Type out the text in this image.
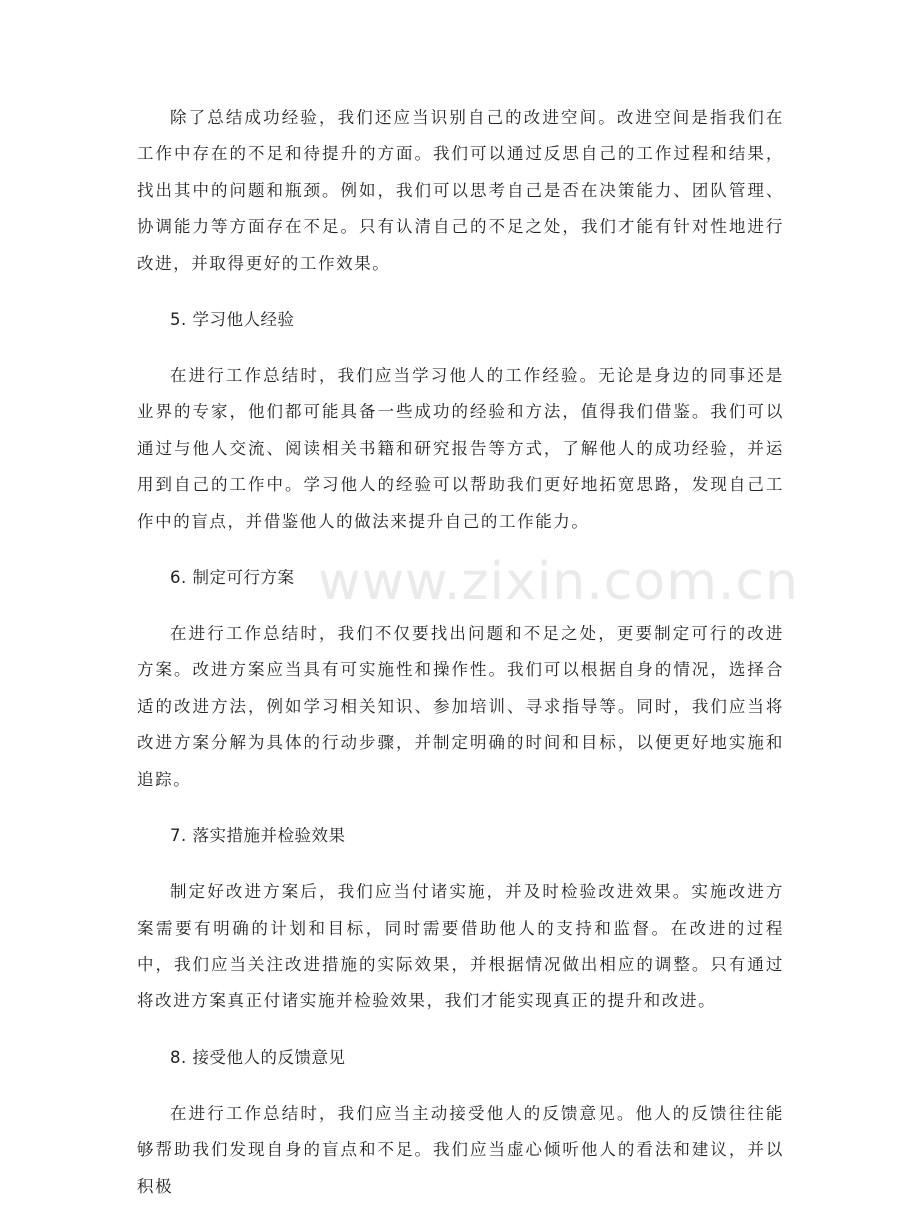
www.zixin.com.cn

除了总结成功经验，我们还应当识别自己的改进空间。改进空间是指我们在工作中存在的不足和待提升的方面。我们可以通过反思自己的工作过程和结果，找出其中的问题和瓶颈。例如，我们可以思考自己是否在决策能力、团队管理、协调能力等方面存在不足。只有认清自己的不足之处，我们才能有针对性地进行改进，并取得更好的工作效果。

5. 学习他人经验

在进行工作总结时，我们应当学习他人的工作经验。无论是身边的同事还是业界的专家，他们都可能具备一些成功的经验和方法，值得我们借鉴。我们可以通过与他人交流、阅读相关书籍和研究报告等方式，了解他人的成功经验，并运用到自己的工作中。学习他人的经验可以帮助我们更好地拓宽思路，发现自己工作中的盲点，并借鉴他人的做法来提升自己的工作能力。

6. 制定可行方案

在进行工作总结时，我们不仅要找出问题和不足之处，更要制定可行的改进方案。改进方案应当具有可实施性和操作性。我们可以根据自身的情况，选择合适的改进方法，例如学习相关知识、参加培训、寻求指导等。同时，我们应当将改进方案分解为具体的行动步骤，并制定明确的时间和目标，以便更好地实施和追踪。

7. 落实措施并检验效果

制定好改进方案后，我们应当付诸实施，并及时检验改进效果。实施改进方案需要有明确的计划和目标，同时需要借助他人的支持和监督。在改进的过程中，我们应当关注改进措施的实际效果，并根据情况做出相应的调整。只有通过将改进方案真正付诸实施并检验效果，我们才能实现真正的提升和改进。

8. 接受他人的反馈意见

在进行工作总结时，我们应当主动接受他人的反馈意见。他人的反馈往往能够帮助我们发现自身的盲点和不足。我们应当虚心倾听他人的看法和建议，并以积极
